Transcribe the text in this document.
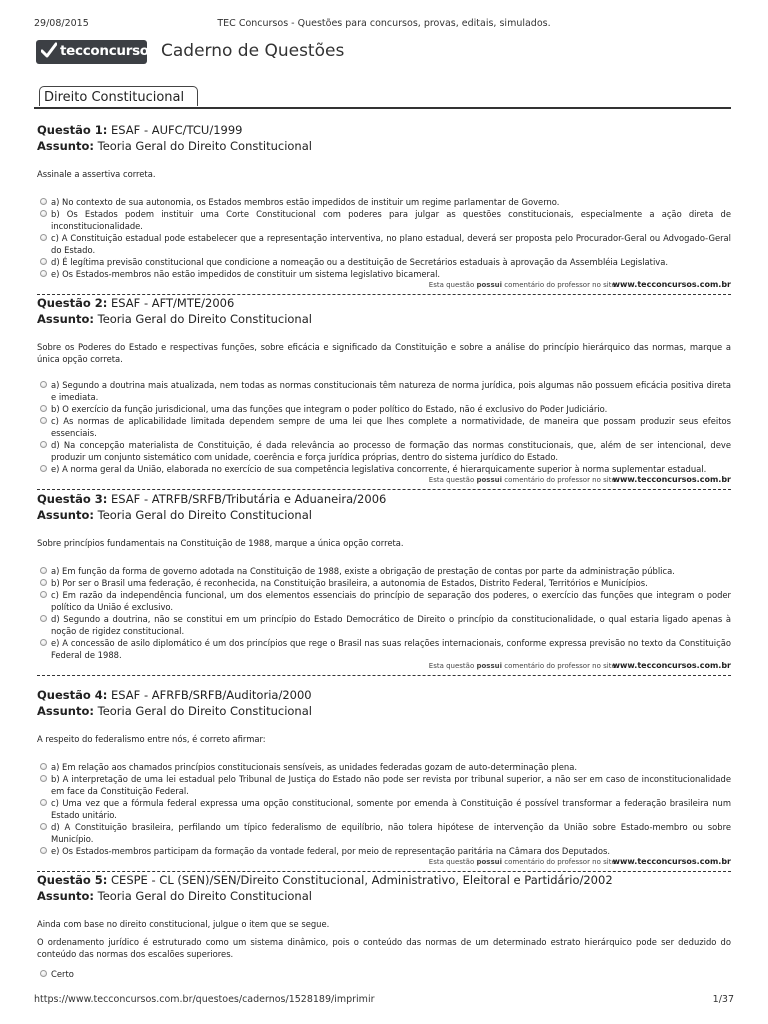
29/08/2015	TEC Concursos - Questões para concursos, provas, editais, simulados.
tecconcursos Caderno de Questões
Direito Constitucional
Questão 1: ESAF - AUFC/TCU/1999
Assunto: Teoria Geral do Direito Constitucional
Assinale a assertiva correta.
a) No contexto de sua autonomia, os Estados membros estão impedidos de instituir um regime parlamentar de Governo.
b) Os Estados podem instituir uma Corte Constitucional com poderes para julgar as questões constitucionais, especialmente a ação direta de inconstitucionalidade.
c) A Constituição estadual pode estabelecer que a representação interventiva, no plano estadual, deverá ser proposta pelo Procurador-Geral ou Advogado-Geral do Estado.
d) É legítima previsão constitucional que condicione a nomeação ou a destituição de Secretários estaduais à aprovação da Assembléia Legislativa.
e) Os Estados-membros não estão impedidos de constituir um sistema legislativo bicameral.
Esta questão possui comentário do professor no site.
www.tecconcursos.com.br
Questão 2: ESAF - AFT/MTE/2006
Assunto: Teoria Geral do Direito Constitucional
Sobre os Poderes do Estado e respectivas funções, sobre eficácia e significado da Constituição e sobre a análise do princípio hierárquico das normas, marque a única opção correta.
a) Segundo a doutrina mais atualizada, nem todas as normas constitucionais têm natureza de norma jurídica, pois algumas não possuem eficácia positiva direta e imediata.
b) O exercício da função jurisdicional, uma das funções que integram o poder político do Estado, não é exclusivo do Poder Judiciário.
c) As normas de aplicabilidade limitada dependem sempre de uma lei que lhes complete a normatividade, de maneira que possam produzir seus efeitos essenciais.
d) Na concepção materialista de Constituição, é dada relevância ao processo de formação das normas constitucionais, que, além de ser intencional, deve produzir um conjunto sistemático com unidade, coerência e força jurídica próprias, dentro do sistema jurídico do Estado.
e) A norma geral da União, elaborada no exercício de sua competência legislativa concorrente, é hierarquicamente superior à norma suplementar estadual.
Esta questão possui comentário do professor no site.
www.tecconcursos.com.br
Questão 3: ESAF - ATRFB/SRFB/Tributária e Aduaneira/2006
Assunto: Teoria Geral do Direito Constitucional
Sobre princípios fundamentais na Constituição de 1988, marque a única opção correta.
a) Em função da forma de governo adotada na Constituição de 1988, existe a obrigação de prestação de contas por parte da administração pública.
b) Por ser o Brasil uma federação, é reconhecida, na Constituição brasileira, a autonomia de Estados, Distrito Federal, Territórios e Municípios.
c) Em razão da independência funcional, um dos elementos essenciais do princípio de separação dos poderes, o exercício das funções que integram o poder político da União é exclusivo.
d) Segundo a doutrina, não se constitui em um princípio do Estado Democrático de Direito o princípio da constitucionalidade, o qual estaria ligado apenas à noção de rigidez constitucional.
e) A concessão de asilo diplomático é um dos princípios que rege o Brasil nas suas relações internacionais, conforme expressa previsão no texto da Constituição Federal de 1988.
Esta questão possui comentário do professor no site.
www.tecconcursos.com.br
Questão 4: ESAF - AFRFB/SRFB/Auditoria/2000
Assunto: Teoria Geral do Direito Constitucional
A respeito do federalismo entre nós, é correto afirmar:
a) Em relação aos chamados princípios constitucionais sensíveis, as unidades federadas gozam de auto-determinação plena.
b) A interpretação de uma lei estadual pelo Tribunal de Justiça do Estado não pode ser revista por tribunal superior, a não ser em caso de inconstitucionalidade em face da Constituição Federal.
c) Uma vez que a fórmula federal expressa uma opção constitucional, somente por emenda à Constituição é possível transformar a federação brasileira num Estado unitário.
d) A Constituição brasileira, perfilando um típico federalismo de equilíbrio, não tolera hipótese de intervenção da União sobre Estado-membro ou sobre Município.
e) Os Estados-membros participam da formação da vontade federal, por meio de representação paritária na Câmara dos Deputados.
Esta questão possui comentário do professor no site.
www.tecconcursos.com.br
Questão 5: CESPE - CL (SEN)/SEN/Direito Constitucional, Administrativo, Eleitoral e Partidário/2002
Assunto: Teoria Geral do Direito Constitucional
Ainda com base no direito constitucional, julgue o item que se segue.
O ordenamento jurídico é estruturado como um sistema dinâmico, pois o conteúdo das normas de um determinado estrato hierárquico pode ser deduzido do conteúdo das normas dos escalões superiores.
Certo
https://www.tecconcursos.com.br/questoes/cadernos/1528189/imprimir	1/37
